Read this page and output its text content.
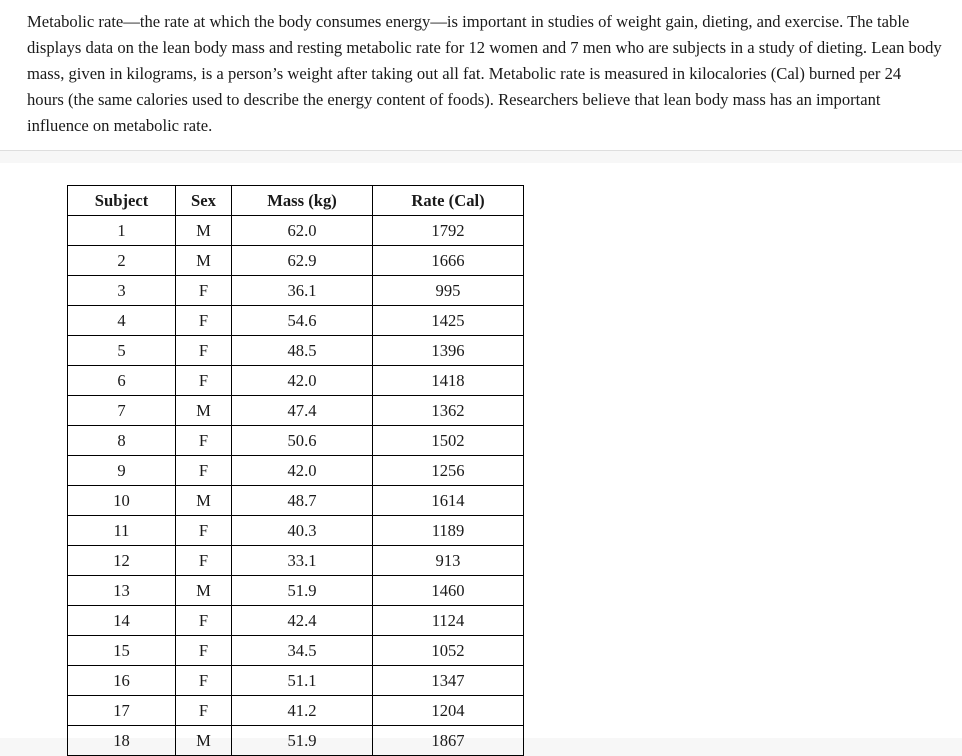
Metabolic rate—the rate at which the body consumes energy—is important in studies of weight gain, dieting, and exercise. The table displays data on the lean body mass and resting metabolic rate for 12 women and 7 men who are subjects in a study of dieting. Lean body mass, given in kilograms, is a person’s weight after taking out all fat. Metabolic rate is measured in kilocalories (Cal) burned per 24 hours (the same calories used to describe the energy content of foods). Researchers believe that lean body mass has an important influence on metabolic rate.

Subject	Sex	Mass (kg)	Rate (Cal)
1	M	62.0	1792
2	M	62.9	1666
3	F	36.1	995
4	F	54.6	1425
5	F	48.5	1396
6	F	42.0	1418
7	M	47.4	1362
8	F	50.6	1502
9	F	42.0	1256
10	M	48.7	1614
11	F	40.3	1189
12	F	33.1	913
13	M	51.9	1460
14	F	42.4	1124
15	F	34.5	1052
16	F	51.1	1347
17	F	41.2	1204
18	M	51.9	1867
